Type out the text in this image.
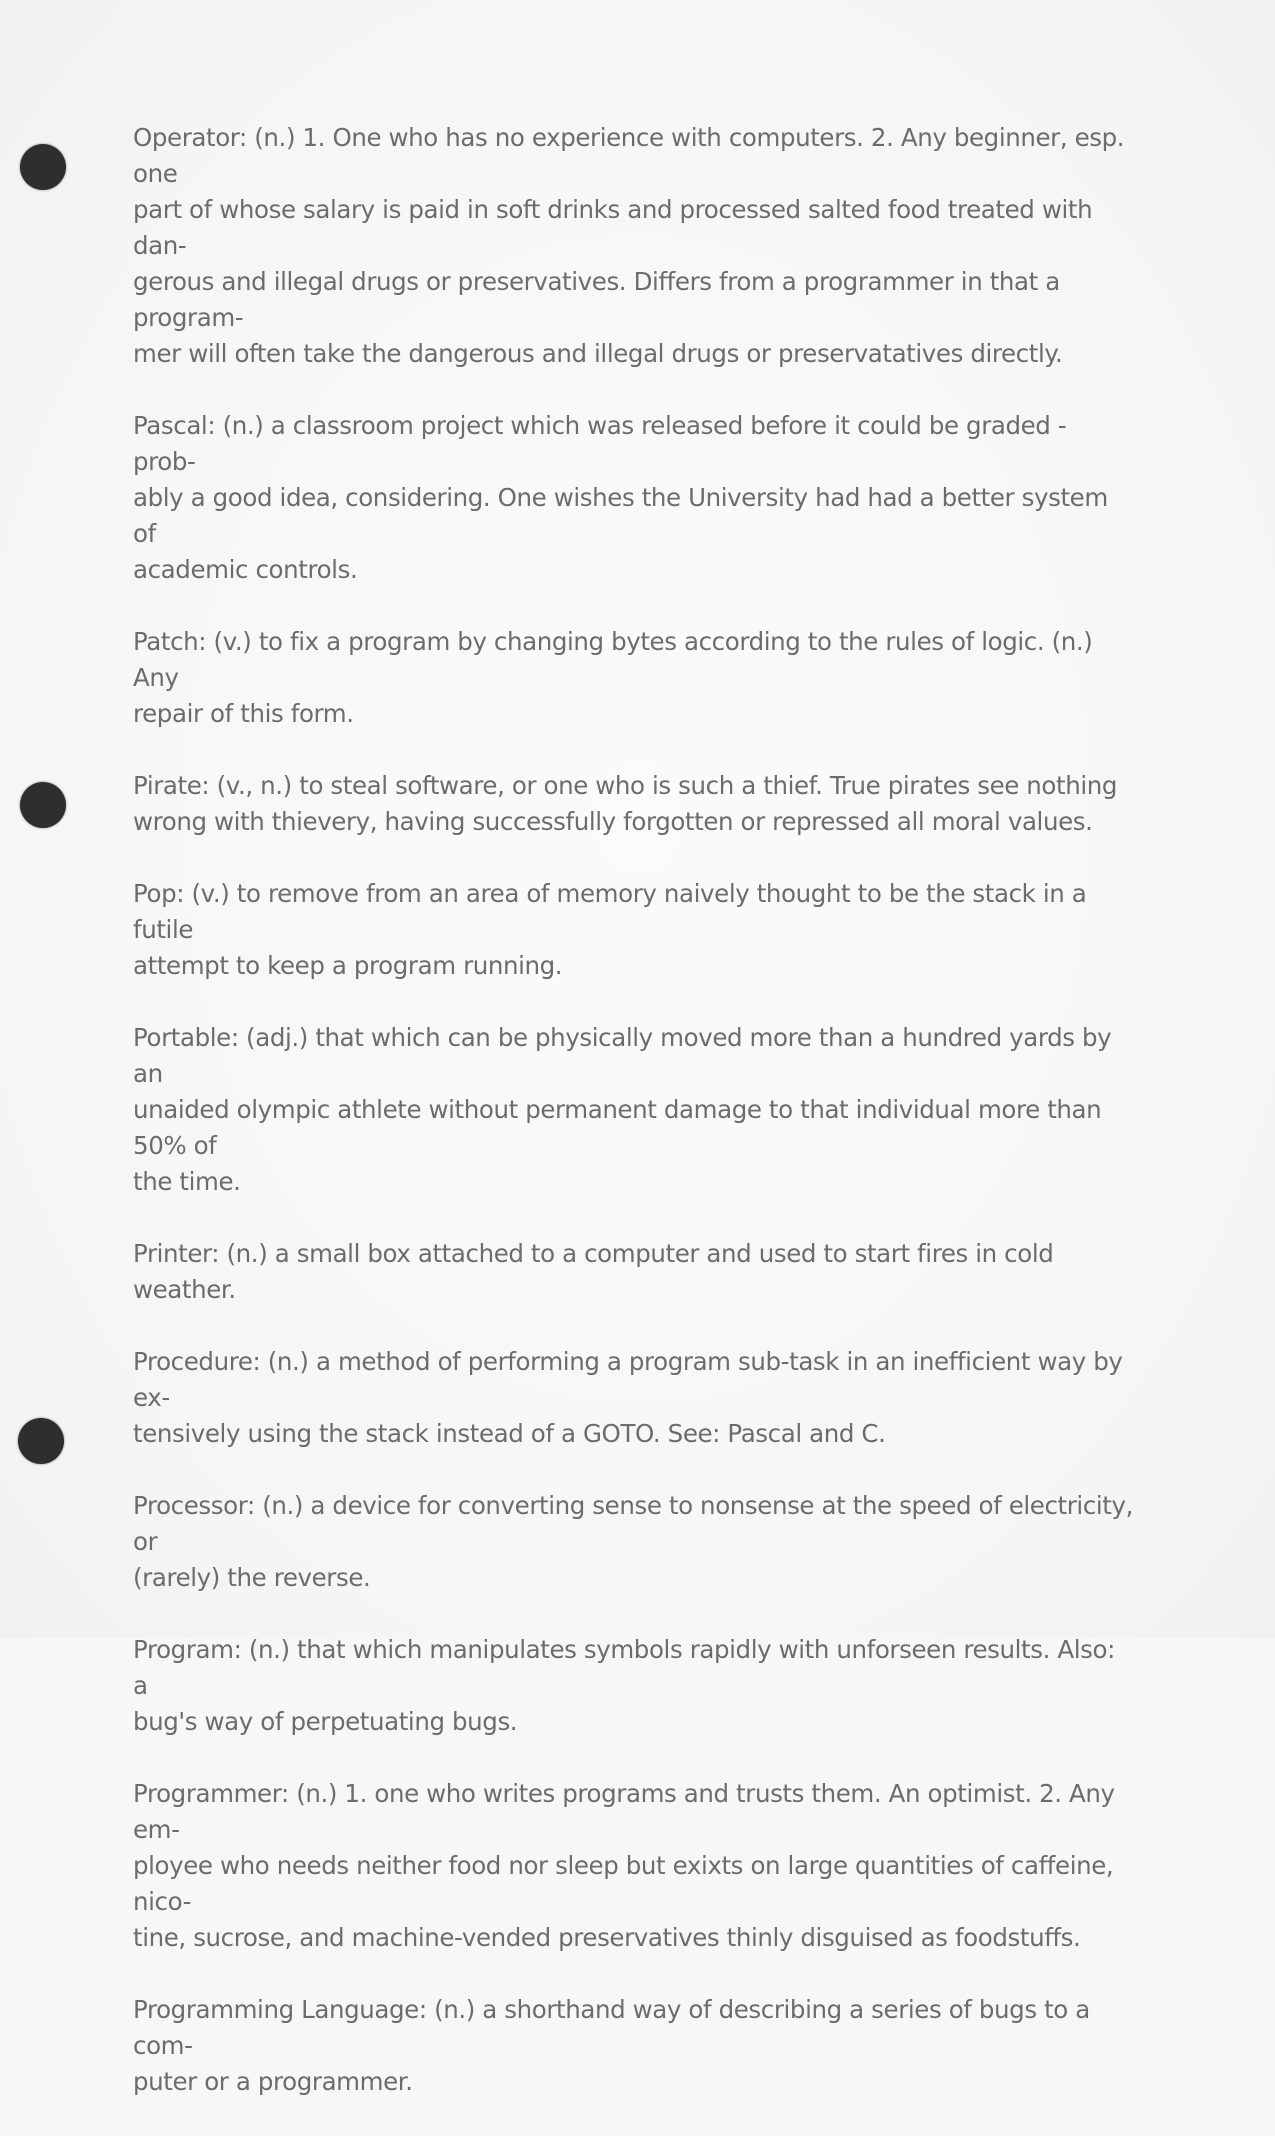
Operator: (n.) 1. One who has no experience with computers. 2. Any beginner, esp. one
part of whose salary is paid in soft drinks and processed salted food treated with dan-
gerous and illegal drugs or preservatives. Differs from a programmer in that a program-
mer will often take the dangerous and illegal drugs or preservatatives directly.
Pascal: (n.) a classroom project which was released before it could be graded - prob-
ably a good idea, considering. One wishes the University had had a better system of
academic controls.
Patch: (v.) to fix a program by changing bytes according to the rules of logic. (n.) Any
repair of this form.
Pirate: (v., n.) to steal software, or one who is such a thief. True pirates see nothing
wrong with thievery, having successfully forgotten or repressed all moral values.
Pop: (v.) to remove from an area of memory naively thought to be the stack in a futile
attempt to keep a program running.
Portable: (adj.) that which can be physically moved more than a hundred yards by an
unaided olympic athlete without permanent damage to that individual more than 50% of
the time.
Printer: (n.) a small box attached to a computer and used to start fires in cold weather.
Procedure: (n.) a method of performing a program sub-task in an inefficient way by ex-
tensively using the stack instead of a GOTO. See: Pascal and C.
Processor: (n.) a device for converting sense to nonsense at the speed of electricity, or
(rarely) the reverse.
Program: (n.) that which manipulates symbols rapidly with unforseen results. Also: a
bug's way of perpetuating bugs.
Programmer: (n.) 1. one who writes programs and trusts them. An optimist. 2. Any em-
ployee who needs neither food nor sleep but exixts on large quantities of caffeine, nico-
tine, sucrose, and machine-vended preservatives thinly disguised as foodstuffs.
Programming Language: (n.) a shorthand way of describing a series of bugs to a com-
puter or a programmer.
